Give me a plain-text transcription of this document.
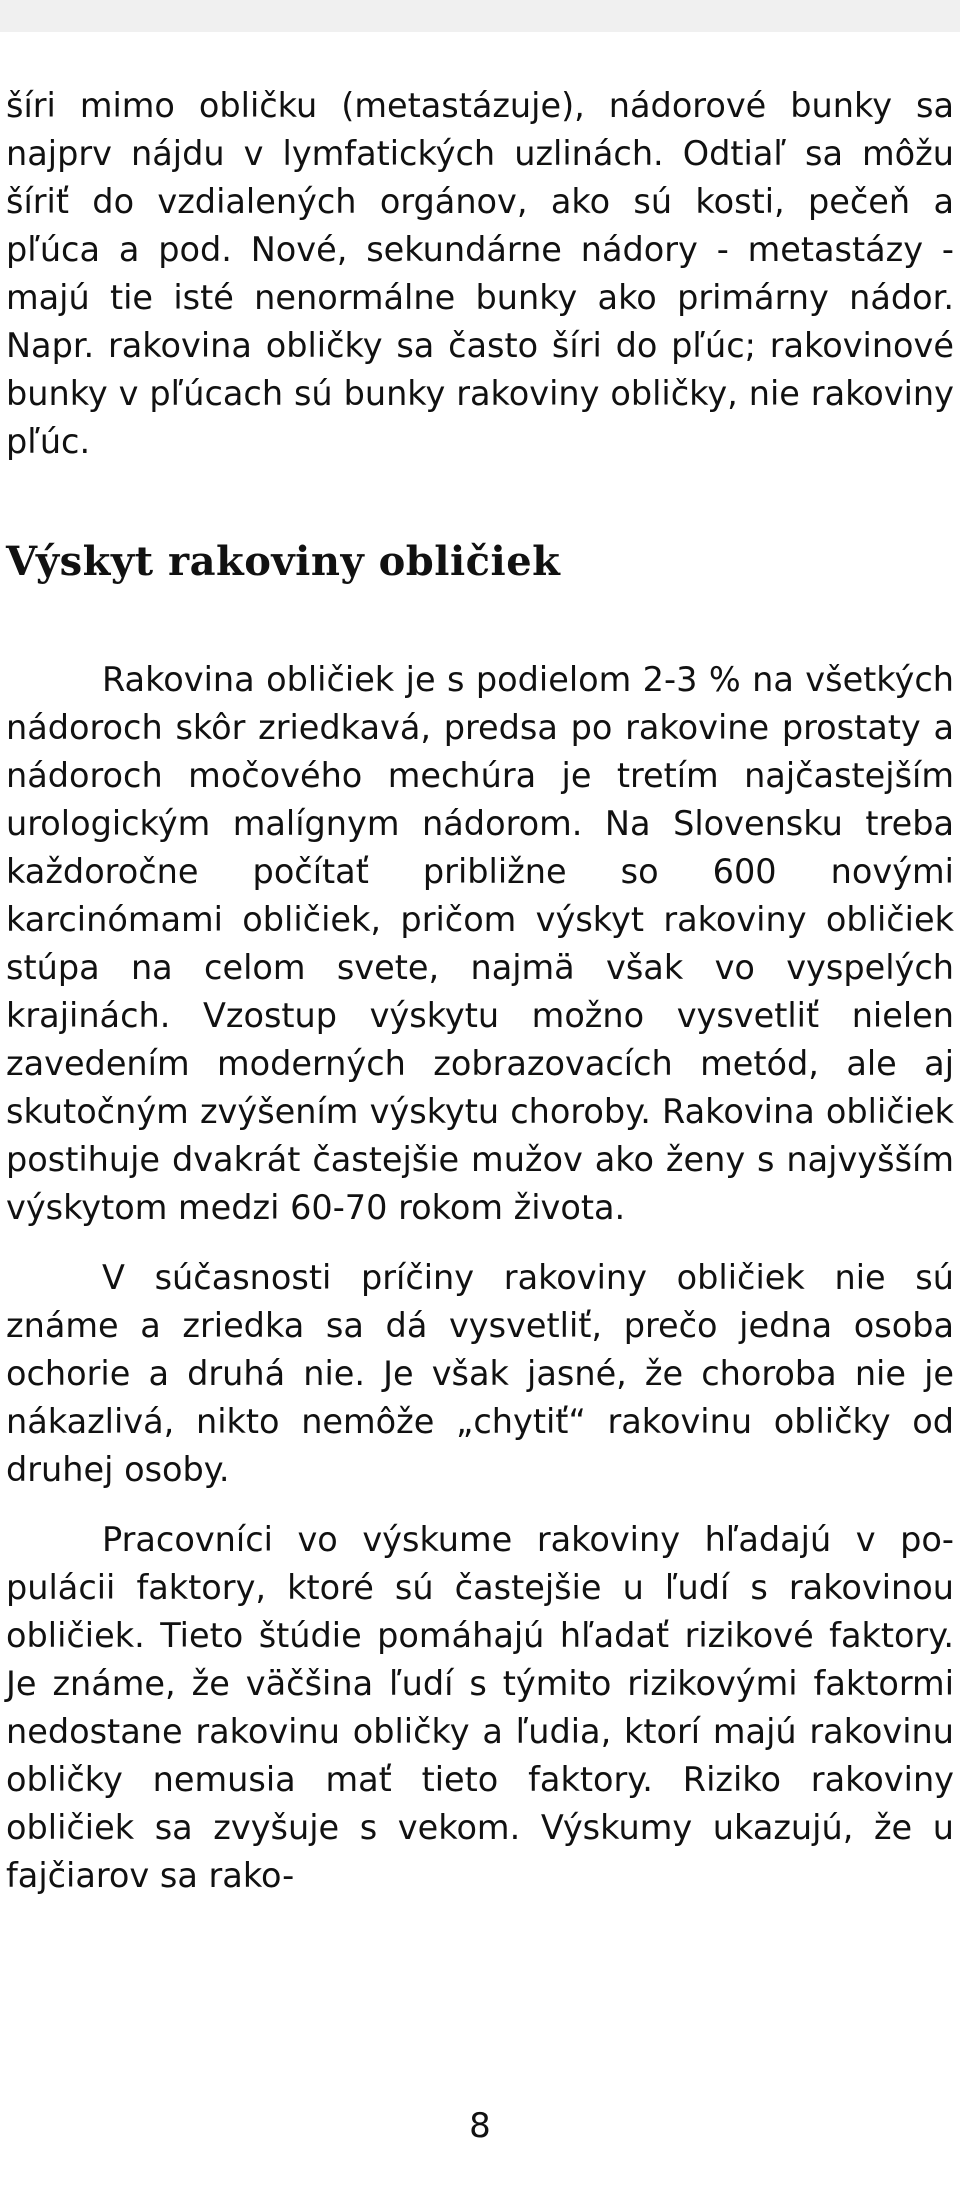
šíri mimo obličku (metastázuje), nádorové bunky sa najprv nájdu v lymfatických uzlinách. Odtiaľ sa môžu šíriť do vzdialených orgánov, ako sú kosti, pečeň a pľúca a pod. Nové, sekundárne nádory - metastázy - majú tie isté nenormálne bunky ako primárny nádor. Napr. rakovina obličky sa často šíri do pľúc; rakovinové bunky v pľúcach sú bunky rakoviny obličky, nie rakoviny pľúc.

Výskyt rakoviny obličiek

Rakovina obličiek je s podielom 2-3 % na všetkých nádoroch skôr zriedkavá, predsa po rakovine prostaty a nádoroch močového mechúra je tretím najčastejším urologickým malígnym nádorom. Na Slovensku treba každoročne počítať približne so 600 novými karcinómami obličiek, pričom výskyt rakoviny obličiek stúpa na celom svete, najmä však vo vyspelých krajinách. Vzostup výskytu možno vysvetliť nielen zavedením moderných zobrazovacích metód, ale aj skutočným zvýšením výskytu choroby. Rakovina obličiek postihuje dvakrát častejšie mužov ako ženy s najvyšším výskytom medzi 60-70 rokom života.

V súčasnosti príčiny rakoviny obličiek nie sú známe a zriedka sa dá vysvetliť, prečo jedna osoba ochorie a druhá nie. Je však jasné, že choroba nie je nákazlivá, nikto nemôže „chytiť“ rakovinu obličky od druhej osoby.

Pracovníci vo výskume rakoviny hľadajú v populácii faktory, ktoré sú častejšie u ľudí s rakovinou obličiek. Tieto štúdie pomáhajú hľadať rizikové faktory. Je známe, že väčšina ľudí s týmito rizikovými faktormi nedostane rakovinu obličky a ľudia, ktorí majú rakovinu obličky nemusia mať tieto faktory. Riziko rakoviny obličiek sa zvyšuje s vekom. Výskumy ukazujú, že u fajčiarov sa rako-

8
